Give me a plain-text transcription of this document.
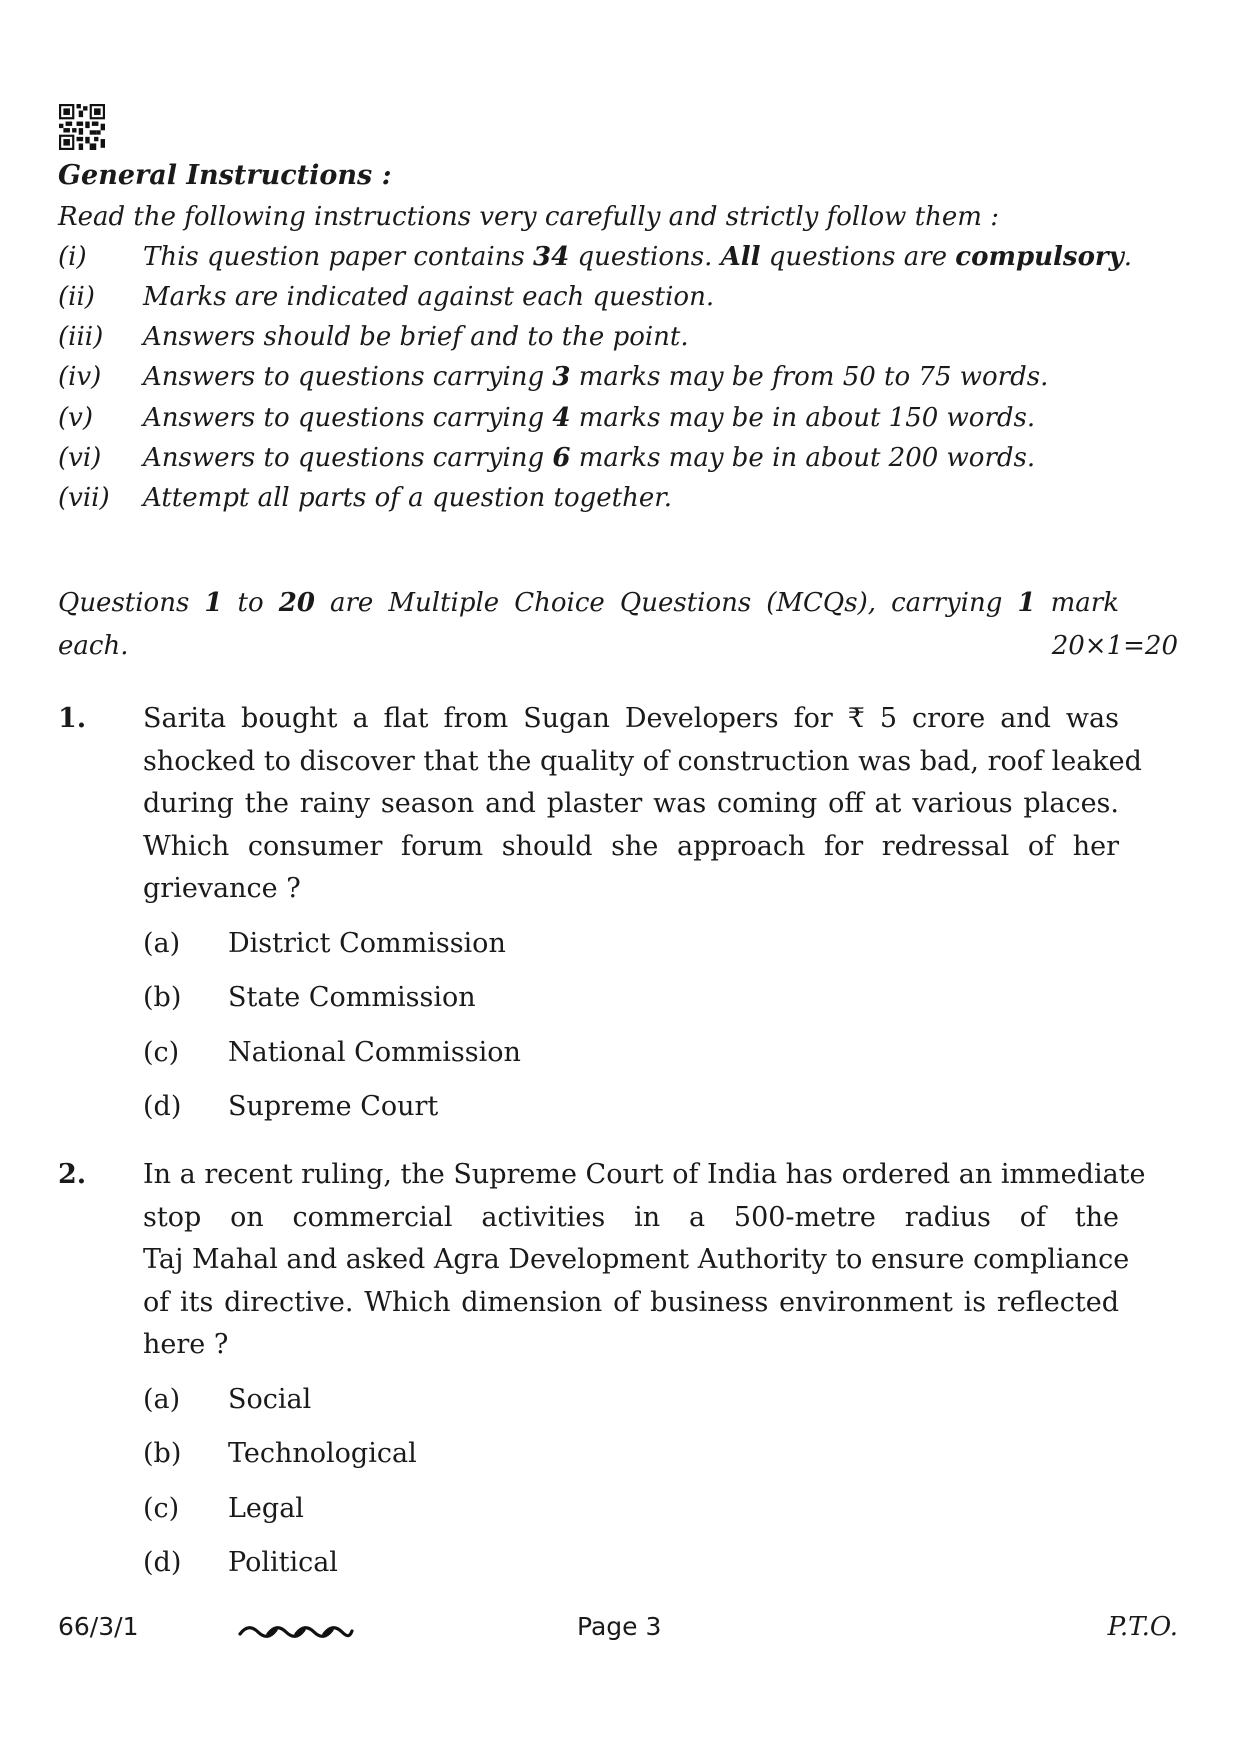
General Instructions :
Read the following instructions very carefully and strictly follow them :
(i) This question paper contains 34 questions. All questions are compulsory.
(ii) Marks are indicated against each question.
(iii) Answers should be brief and to the point.
(iv) Answers to questions carrying 3 marks may be from 50 to 75 words.
(v) Answers to questions carrying 4 marks may be in about 150 words.
(vi) Answers to questions carrying 6 marks may be in about 200 words.
(vii) Attempt all parts of a question together.
Questions 1 to 20 are Multiple Choice Questions (MCQs), carrying 1 mark
each.	20×1=20
1. Sarita bought a flat from Sugan Developers for ₹ 5 crore and was
shocked to discover that the quality of construction was bad, roof leaked
during the rainy season and plaster was coming off at various places.
Which consumer forum should she approach for redressal of her
grievance ?
(a) District Commission
(b) State Commission
(c) National Commission
(d) Supreme Court
2. In a recent ruling, the Supreme Court of India has ordered an immediate
stop on commercial activities in a 500-metre radius of the
Taj Mahal and asked Agra Development Authority to ensure compliance
of its directive. Which dimension of business environment is reflected
here ?
(a) Social
(b) Technological
(c) Legal
(d) Political
66/3/1	Page 3	P.T.O.
